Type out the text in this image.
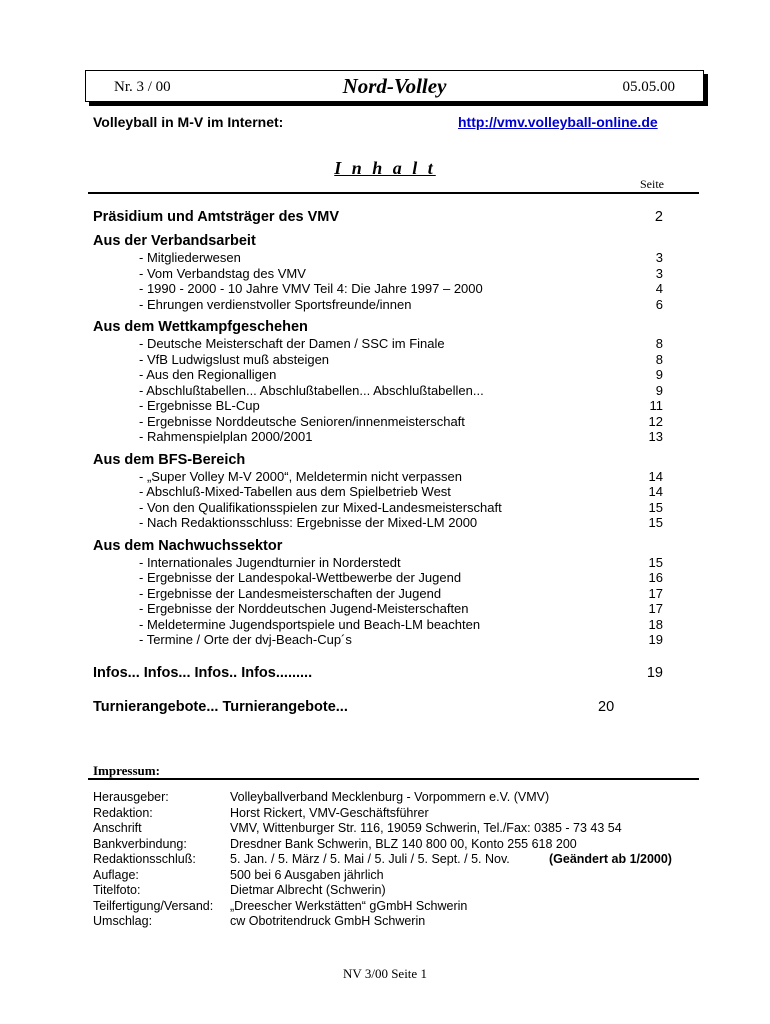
Nr. 3 / 00	Nord-Volley	05.05.00
Volleyball in M-V im Internet:	http://vmv.volleyball-online.de
I n h a l t
Seite
Präsidium und Amtsträger des VMV	2
Aus der Verbandsarbeit
- Mitgliederwesen	3
- Vom Verbandstag des VMV	3
- 1990 - 2000 - 10 Jahre VMV Teil 4: Die Jahre 1997 – 2000	4
- Ehrungen verdienstvoller Sportsfreunde/innen	6
Aus dem Wettkampfgeschehen
- Deutsche Meisterschaft der Damen / SSC im Finale	8
- VfB Ludwigslust muß absteigen	8
- Aus den Regionalligen	9
- Abschlußtabellen... Abschlußtabellen... Abschlußtabellen...	9
- Ergebnisse BL-Cup	11
- Ergebnisse Norddeutsche Senioren/innenmeisterschaft	12
- Rahmenspielplan 2000/2001	13
Aus dem BFS-Bereich
- „Super Volley M-V 2000“, Meldetermin nicht verpassen	14
- Abschluß-Mixed-Tabellen aus dem Spielbetrieb West	14
- Von den Qualifikationsspielen zur Mixed-Landesmeisterschaft	15
- Nach Redaktionsschluss: Ergebnisse der Mixed-LM 2000	15
Aus dem Nachwuchssektor
- Internationales Jugendturnier in Norderstedt	15
- Ergebnisse der Landespokal-Wettbewerbe der Jugend	16
- Ergebnisse der Landesmeisterschaften der Jugend	17
- Ergebnisse der Norddeutschen Jugend-Meisterschaften	17
- Meldetermine Jugendsportspiele und Beach-LM beachten	18
- Termine / Orte der dvj-Beach-Cup´s	19
Infos... Infos... Infos.. Infos.........	19
Turnierangebote... Turnierangebote...	20
Impressum:
Herausgeber:	Volleyballverband Mecklenburg - Vorpommern e.V. (VMV)
Redaktion:	Horst Rickert, VMV-Geschäftsführer
Anschrift	VMV, Wittenburger Str. 116, 19059 Schwerin, Tel./Fax: 0385 - 73 43 54
Bankverbindung:	Dresdner Bank Schwerin, BLZ 140 800 00, Konto 255 618 200
Redaktionsschluß:	5. Jan. / 5. März / 5. Mai / 5. Juli / 5. Sept. / 5. Nov.	(Geändert ab 1/2000)
Auflage:	500 bei 6 Ausgaben jährlich
Titelfoto:	Dietmar Albrecht (Schwerin)
Teilfertigung/Versand:	„Dreescher Werkstätten“ gGmbH Schwerin
Umschlag:	cw Obotritendruck GmbH Schwerin
NV 3/00 Seite 1
